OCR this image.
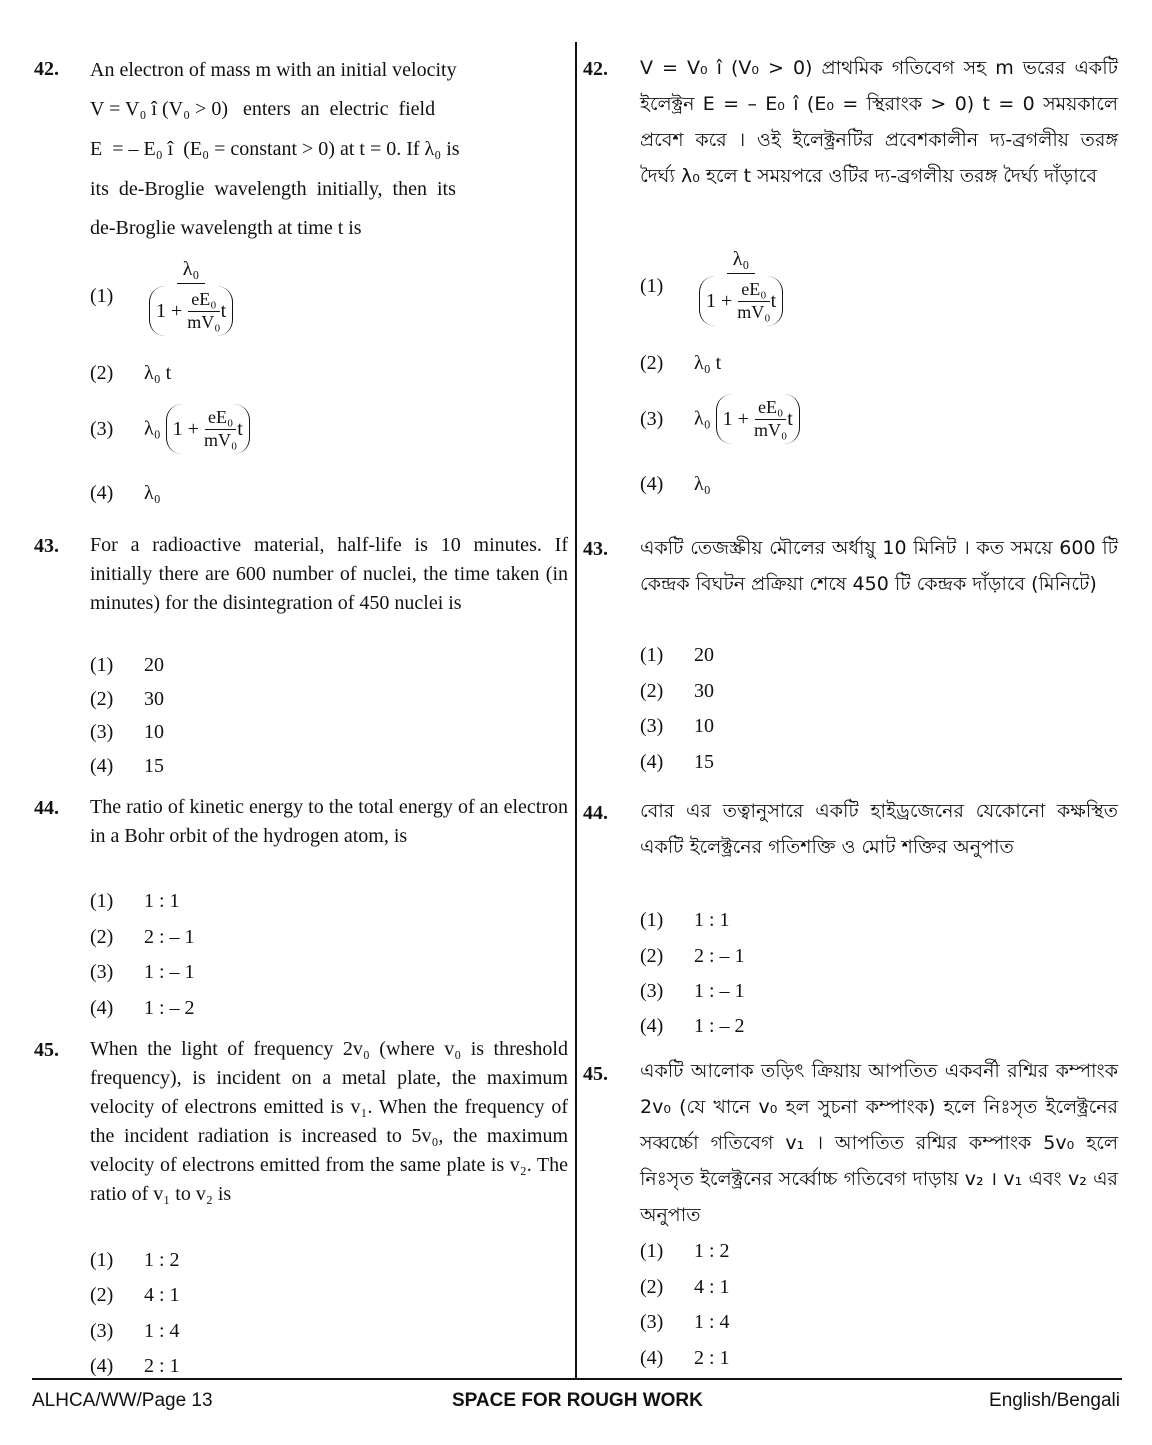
42. An electron of mass m with an initial velocity
V = V₀ î (V₀ > 0)   enters  an  electric  field
E  = – E₀ î  (E₀ = constant > 0) at t = 0. If λ₀ is
its  de-Broglie  wavelength  initially,  then  its
de-Broglie wavelength at time t is
(1) λ₀
1 +
$\frac{\text{eE₀}}{\text{mV₀}}$ t
(2) λ₀ t
(3) λ₀ 1 +
$\frac{\text{eE₀}}{\text{mV₀}}$ t
(4) λ₀
43. For a radioactive material, half-life is 10 minutes. If initially there are 600 number of nuclei, the time taken (in minutes) for the disintegration of 450 nuclei is
(1) 20
(2) 30
(3) 10
(4) 15
44. The ratio of kinetic energy to the total energy of an electron in a Bohr orbit of the hydrogen atom, is
(1) 1 : 1
(2) 2 : – 1
(3) 1 : – 1
(4) 1 : – 2
45. When the light of frequency 2v₀ (where v₀ is threshold frequency), is incident on a metal plate, the maximum velocity of electrons emitted is v₁. When the frequency of the incident radiation is increased to 5v₀, the maximum velocity of electrons emitted from the same plate is v₂. The ratio of v₁ to v₂ is
(1) 1 : 2
(2) 4 : 1
(3) 1 : 4
(4) 2 : 1
42. V = V₀ î (V₀ > 0) প্রাথমিক গতিবেগ সহ m ভরের একটি ইলেক্ট্রন E = – E₀ î (E₀ = স্থিরাংক > 0) t = 0 সময়কালে প্রবেশ করে । ওই ইলেক্ট্রনটির প্রবেশকালীন দ্য-ব্রগলীয় তরঙ্গ দৈর্ঘ্য λ₀ হলে t সময়পরে ওটির দ্য-ব্রগলীয় তরঙ্গ দৈর্ঘ্য দাঁড়াবে
(1) λ₀
1 +
$\frac{\text{eE₀}}{\text{mV₀}}$ t
(2) λ₀ t
(3) λ₀ 1 +
$\frac{\text{eE₀}}{\text{mV₀}}$ t
(4) λ₀
43. একটি তেজস্ক্রীয় মৌলের অর্ধায়ু 10 মিনিট । কত সময়ে 600 টি কেন্দ্রক বিঘটন প্রক্রিয়া শেষে 450 টি কেন্দ্রক দাঁড়াবে (মিনিটে)
(1) 20
(2) 30
(3) 10
(4) 15
44. বোর এর তত্বানুসারে একটি হাইড্রজেনের যেকোনো কক্ষস্থিত একটি ইলেক্ট্রনের গতিশক্তি ও মোট শক্তির অনুপাত
(1) 1 : 1
(2) 2 : – 1
(3) 1 : – 1
(4) 1 : – 2
45. একটি আলোক তড়িৎ ক্রিয়ায় আপতিত একবর্নী রশ্মির কম্পাংক 2v₀ (যে খানে v₀ হল সুচনা কম্পাংক) হলে নিঃসৃত ইলেক্ট্রনের সব্বর্চ্চো গতিবেগ v₁ । আপতিত রশ্মির কম্পাংক 5v₀ হলে নিঃসৃত ইলেক্ট্রনের সর্ব্বোচ্চ গতিবেগ দাড়ায় v₂ । v₁ এবং v₂ এর অনুপাত
(1) 1 : 2
(2) 4 : 1
(3) 1 : 4
(4) 2 : 1
ALHCA/WW/Page 13	SPACE FOR ROUGH WORK	English/Bengali
